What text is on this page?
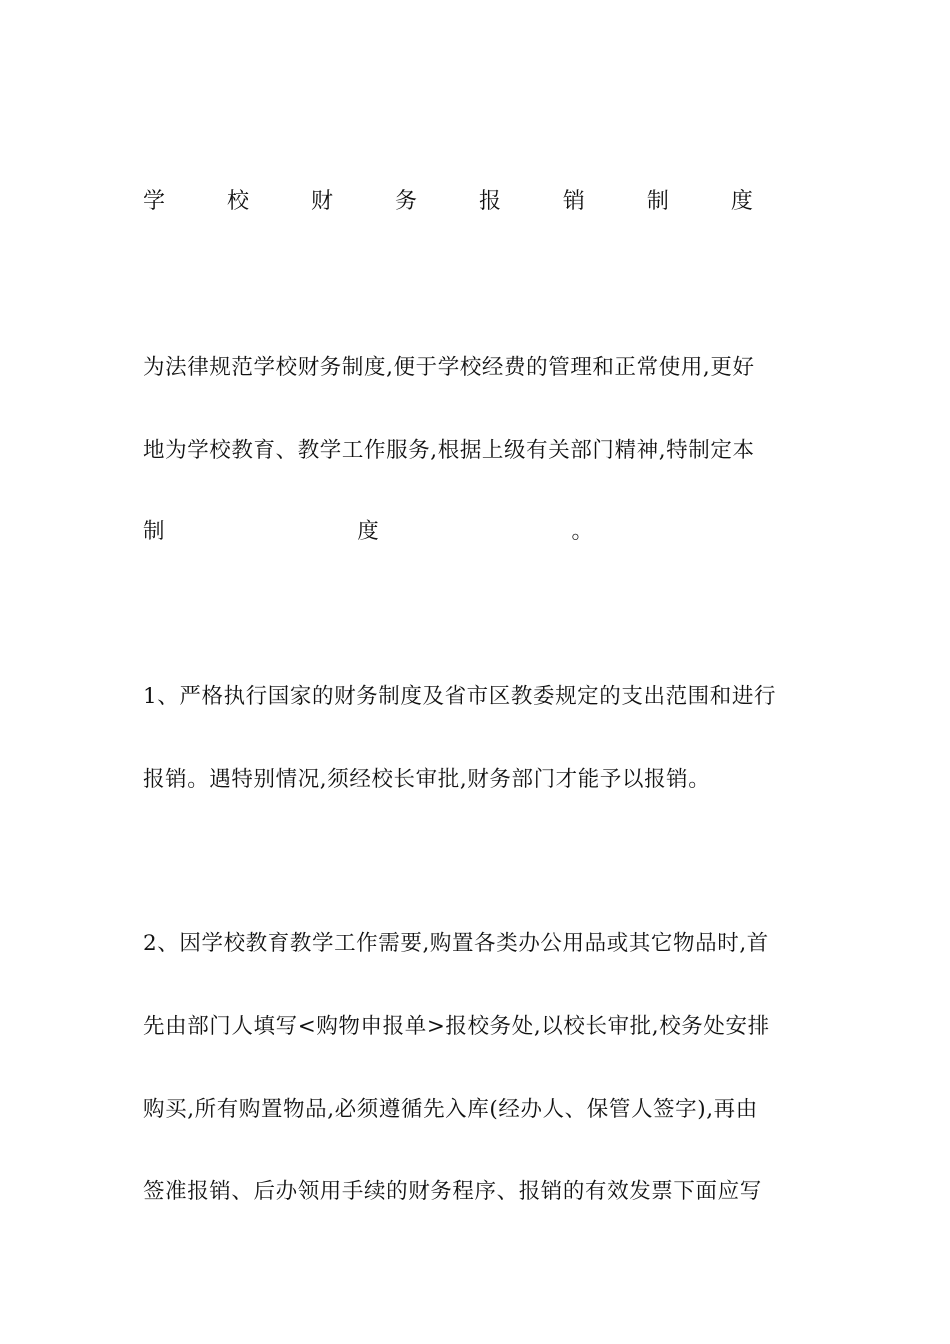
学	校	财	务	报	销	制	度
为法律规范学校财务制度,便于学校经费的管理和正常使用,更好
地为学校教育、教学工作服务,根据上级有关部门精神,特制定本
制	度	。
1、严格执行国家的财务制度及省市区教委规定的支出范围和进行
报销。遇特别情况,须经校长审批,财务部门才能予以报销。
2、因学校教育教学工作需要,购置各类办公用品或其它物品时,首
先由部门人填写<购物申报单>报校务处,以校长审批,校务处安排
购买,所有购置物品,必须遵循先入库(经办人、保管人签字),再由
签准报销、后办领用手续的财务程序、报销的有效发票下面应写
